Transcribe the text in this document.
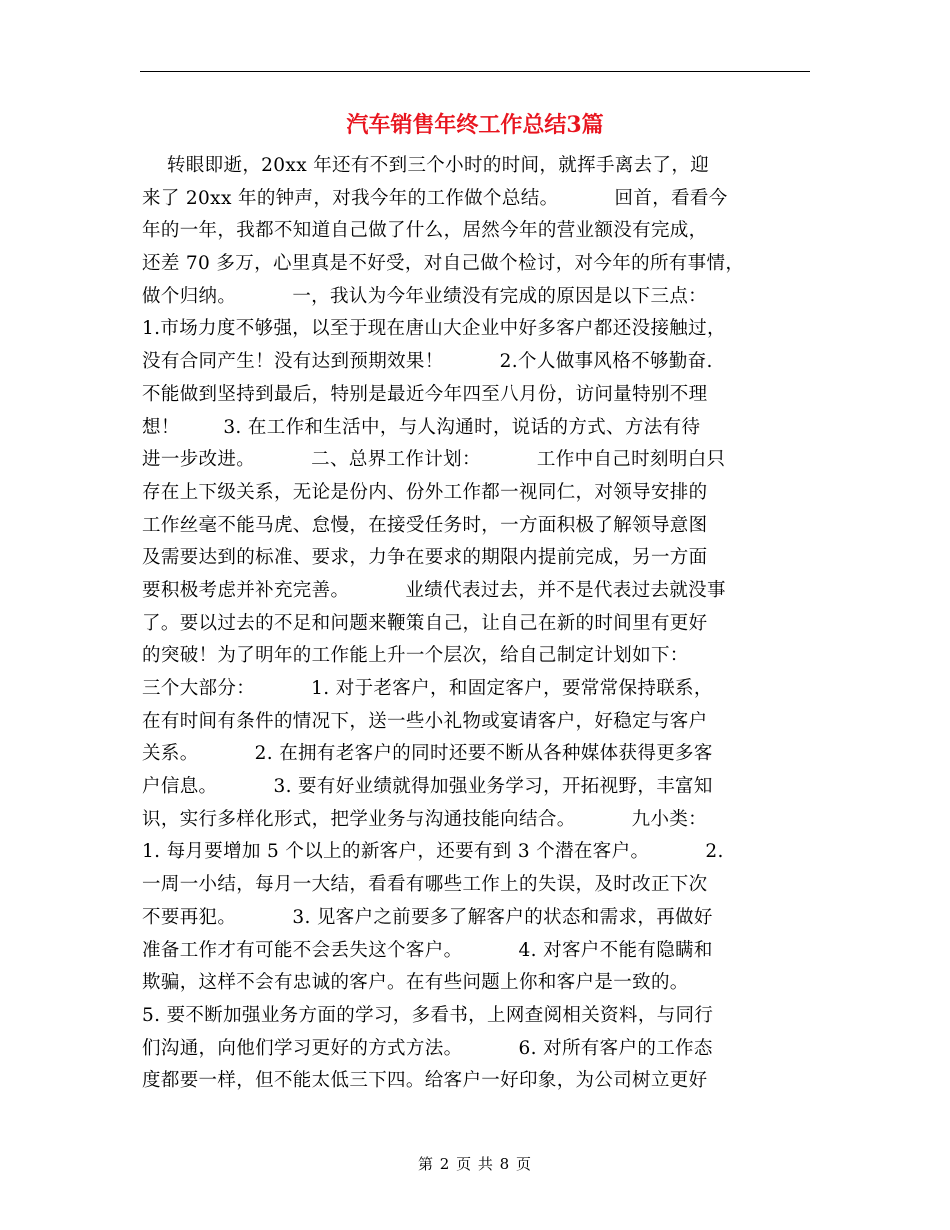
汽车销售年终工作总结3篇
转眼即逝，20xx 年还有不到三个小时的时间，就挥手离去了，迎
来了 20xx 年的钟声，对我今年的工作做个总结。         回首，看看今
年的一年，我都不知道自己做了什么，居然今年的营业额没有完成，
还差 70 多万，心里真是不好受，对自己做个检讨，对今年的所有事情，
做个归纳。         一，我认为今年业绩没有完成的原因是以下三点：
1.市场力度不够强，以至于现在唐山大企业中好多客户都还没接触过，
没有合同产生！没有达到预期效果！         2.个人做事风格不够勤奋.
不能做到坚持到最后，特别是最近今年四至八月份，访问量特别不理
想！       3. 在工作和生活中，与人沟通时，说话的方式、方法有待
进一步改进。         二、总界工作计划：         工作中自己时刻明白只
存在上下级关系，无论是份内、份外工作都一视同仁，对领导安排的
工作丝毫不能马虎、怠慢，在接受任务时，一方面积极了解领导意图
及需要达到的标准、要求，力争在要求的期限内提前完成，另一方面
要积极考虑并补充完善。         业绩代表过去，并不是代表过去就没事
了。要以过去的不足和问题来鞭策自己，让自己在新的时间里有更好
的突破！为了明年的工作能上升一个层次，给自己制定计划如下：
三个大部分：         1. 对于老客户，和固定客户，要常常保持联系，
在有时间有条件的情况下，送一些小礼物或宴请客户，好稳定与客户
关系。         2. 在拥有老客户的同时还要不断从各种媒体获得更多客
户信息。         3. 要有好业绩就得加强业务学习，开拓视野，丰富知
识，实行多样化形式，把学业务与沟通技能向结合。         九小类：
1. 每月要增加 5 个以上的新客户，还要有到 3 个潜在客户。         2.
一周一小结，每月一大结，看看有哪些工作上的失误，及时改正下次
不要再犯。         3. 见客户之前要多了解客户的状态和需求，再做好
准备工作才有可能不会丢失这个客户。         4. 对客户不能有隐瞒和
欺骗，这样不会有忠诚的客户。在有些问题上你和客户是一致的。
5. 要不断加强业务方面的学习，多看书，上网查阅相关资料，与同行
们沟通，向他们学习更好的方式方法。         6. 对所有客户的工作态
度都要一样，但不能太低三下四。给客户一好印象，为公司树立更好
第 2 页 共 8 页
